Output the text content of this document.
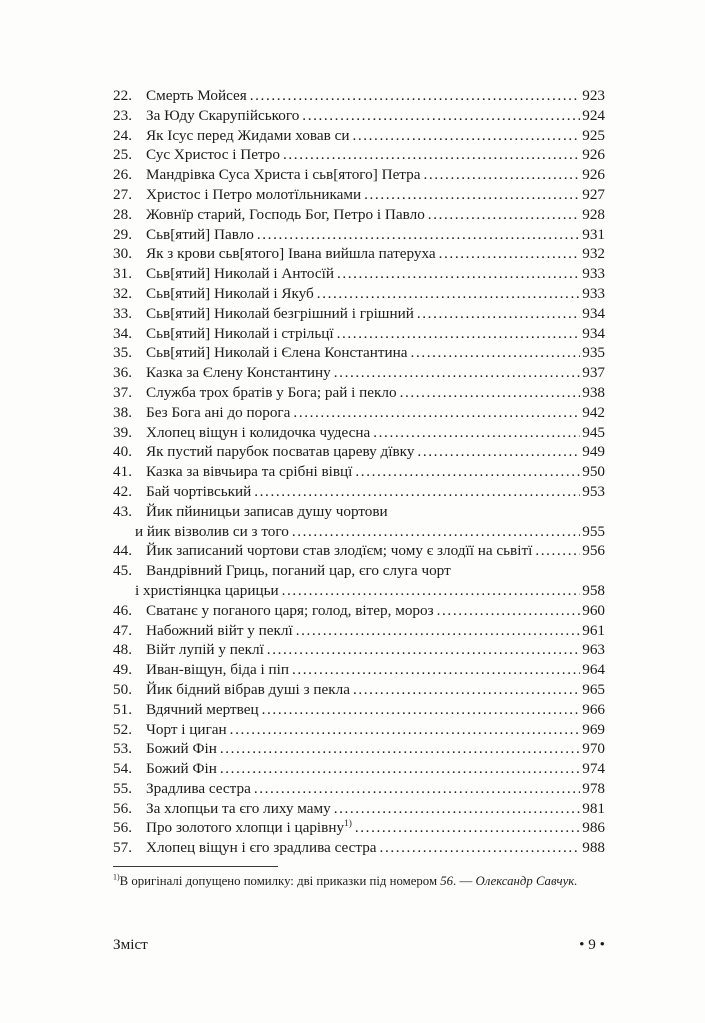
22. Смерть Мойсея .....	923
23. За Юду Скарупійського .....	924
24. Як Ісус перед Жидами ховав си .....	925
25. Сус Христос і Петро .....	926
26. Мандрівка Суса Христа і сьв[ятого] Петра .....	926
27. Христос і Петро молотїльниками .....	927
28. Жовнїр старий, Господь Бог, Петро і Павло .....	928
29. Сьв[ятий] Павло .....	931
30. Як з крови сьв[ятого] Івана вийшла патеруха .....	932
31. Сьв[ятий] Николай і Антосїй .....	933
32. Сьв[ятий] Николай і Якуб .....	933
33. Сьв[ятий] Николай безгрішний і грішний .....	934
34. Сьв[ятий] Николай і стрільцї .....	934
35. Сьв[ятий] Николай і Єлена Константина .....	935
36. Казка за Єлену Константину .....	937
37. Служба трох братів у Бога; рай і пекло .....	938
38. Без Бога ані до порога .....	942
39. Хлопец віщун і колидочка чудесна .....	945
40. Як пустий парубок посватав цареву дївку .....	949
41. Казка за вівчьира та срібні вівцї .....	950
42. Бай чортівський .....	953
43. Йик пйиницьи записав душу чортови
и йик візволив си з того .....	955
44. Йик записаний чортови став злодїєм; чому є злодїї на сьвітї .....	956
45. Вандрівний Гриць, поганий цар, єго слуга чорт
і христіянцка царицьи .....	958
46. Сватанє у поганого царя; голод, вітер, мороз .....	960
47. Набожний війт у пеклї .....	961
48. Війт лупій у пеклї .....	963
49. Иван-віщун, біда і піп .....	964
50. Йик бідний вібрав душі з пекла .....	965
51. Вдячний мертвец .....	966
52. Чорт і циган .....	969
53. Божий Фін .....	970
54. Божий Фін .....	974
55. Зрадлива сестра .....	978
56. За хлопцьи та єго лиху маму .....	981
56. Про золотого хлопци і царівну$^{1)}$ .....	986
57. Хлопец віщун і єго зрадлива сестра .....	988
$^{1)}$В оригіналі допущено помилку: дві приказки під номером 56. — Олександр Савчук.
Зміст	• 9 •
